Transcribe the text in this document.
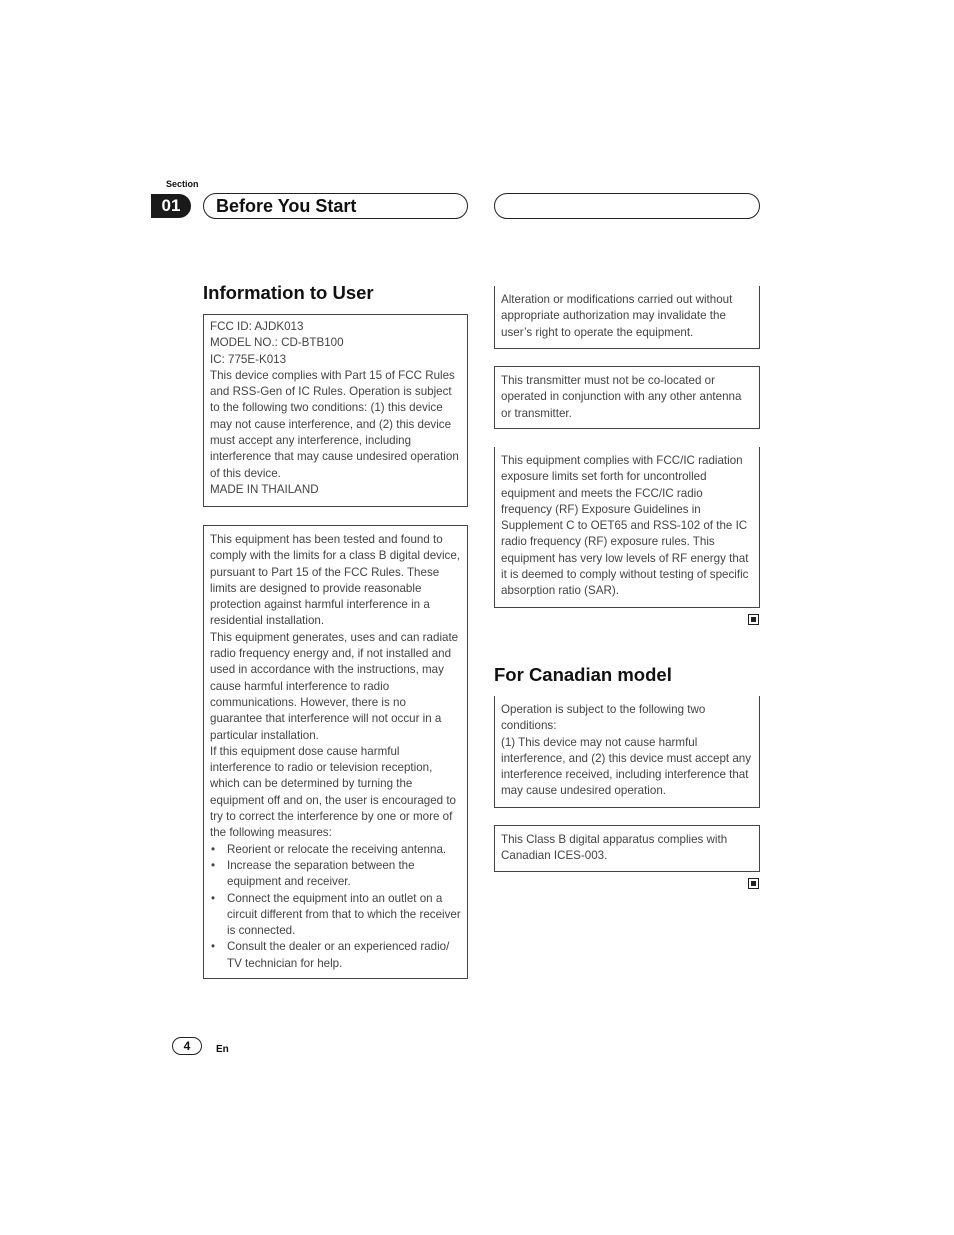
Section
01	Before You Start
Information to User

FCC ID: AJDK013

MODEL NO.: CD-BTB100

IC: 775E-K013

This device complies with Part 15 of FCC Rules and RSS-Gen of IC Rules. Operation is subject to the following two conditions: (1) this device may not cause interference, and (2) this device must accept any interference, including interference that may cause undesired operation of this device.

MADE IN THAILAND

This equipment has been tested and found to comply with the limits for a class B digital device, pursuant to Part 15 of the FCC Rules. These limits are designed to provide reasonable protection against harmful interference in a residential installation.

This equipment generates, uses and can radiate radio frequency energy and, if not installed and used in accordance with the instructions, may cause harmful interference to radio communications. However, there is no guarantee that interference will not occur in a particular installation.

If this equipment dose cause harmful interference to radio or television reception, which can be determined by turning the equipment off and on, the user is encouraged to try to correct the interference by one or more of the following measures:

• Reorient or relocate the receiving antenna.
• Increase the separation between the equipment and receiver.
• Connect the equipment into an outlet on a circuit different from that to which the receiver is connected.
• Consult the dealer or an experienced radio/ TV technician for help.

Alteration or modifications carried out without appropriate authorization may invalidate the user’s right to operate the equipment.

This transmitter must not be co-located or operated in conjunction with any other antenna or transmitter.

This equipment complies with FCC/IC radiation exposure limits set forth for uncontrolled equipment and meets the FCC/IC radio frequency (RF) Exposure Guidelines in Supplement C to OET65 and RSS-102 of the IC radio frequency (RF) exposure rules. This equipment has very low levels of RF energy that it is deemed to comply without testing of specific absorption ratio (SAR).

For Canadian model

Operation is subject to the following two conditions:

(1) This device may not cause harmful interference, and (2) this device must accept any interference received, including interference that may cause undesired operation.

This Class B digital apparatus complies with Canadian ICES-003.

4	En
